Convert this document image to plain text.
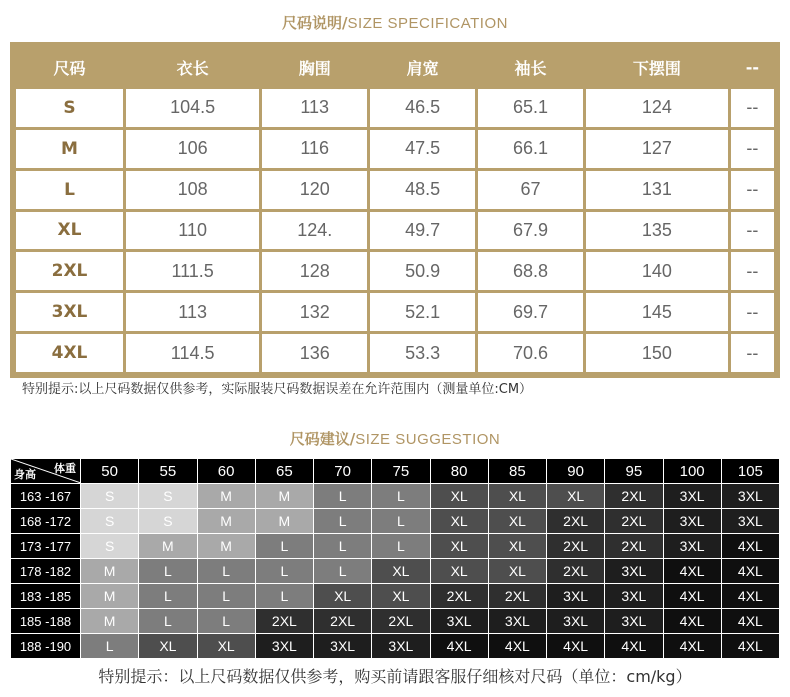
尺码说明/SIZE SPECIFICATION
尺码	衣长	胸围	肩宽	袖长	下摆围	--
S	104.5	113	46.5	65.1	124	--
M	106	116	47.5	66.1	127	--
L	108	120	48.5	67	131	--
XL	110	124.	49.7	67.9	135	--
2XL	111.5	128	50.9	68.8	140	--
3XL	113	132	52.1	69.7	145	--
4XL	114.5	136	53.3	70.6	150	--
特别提示:以上尺码数据仅供参考，实际服装尺码数据误差在允许范围内（测量单位:CM）
尺码建议/SIZE SUGGESTION
体重
身高	50	55	60	65	70	75	80	85	90	95	100	105
163 -167	S	S	M	M	L	L	XL	XL	XL	2XL	3XL	3XL
168 -172	S	S	M	M	L	L	XL	XL	2XL	2XL	3XL	3XL
173 -177	S	M	M	L	L	L	XL	XL	2XL	2XL	3XL	4XL
178 -182	M	L	L	L	L	XL	XL	XL	2XL	3XL	4XL	4XL
183 -185	M	L	L	L	XL	XL	2XL	2XL	3XL	3XL	4XL	4XL
185 -188	M	L	L	2XL	2XL	2XL	3XL	3XL	3XL	3XL	4XL	4XL
188 -190	L	XL	XL	3XL	3XL	3XL	4XL	4XL	4XL	4XL	4XL	4XL
特别提示：以上尺码数据仅供参考，购买前请跟客服仔细核对尺码（单位：cm/kg）
